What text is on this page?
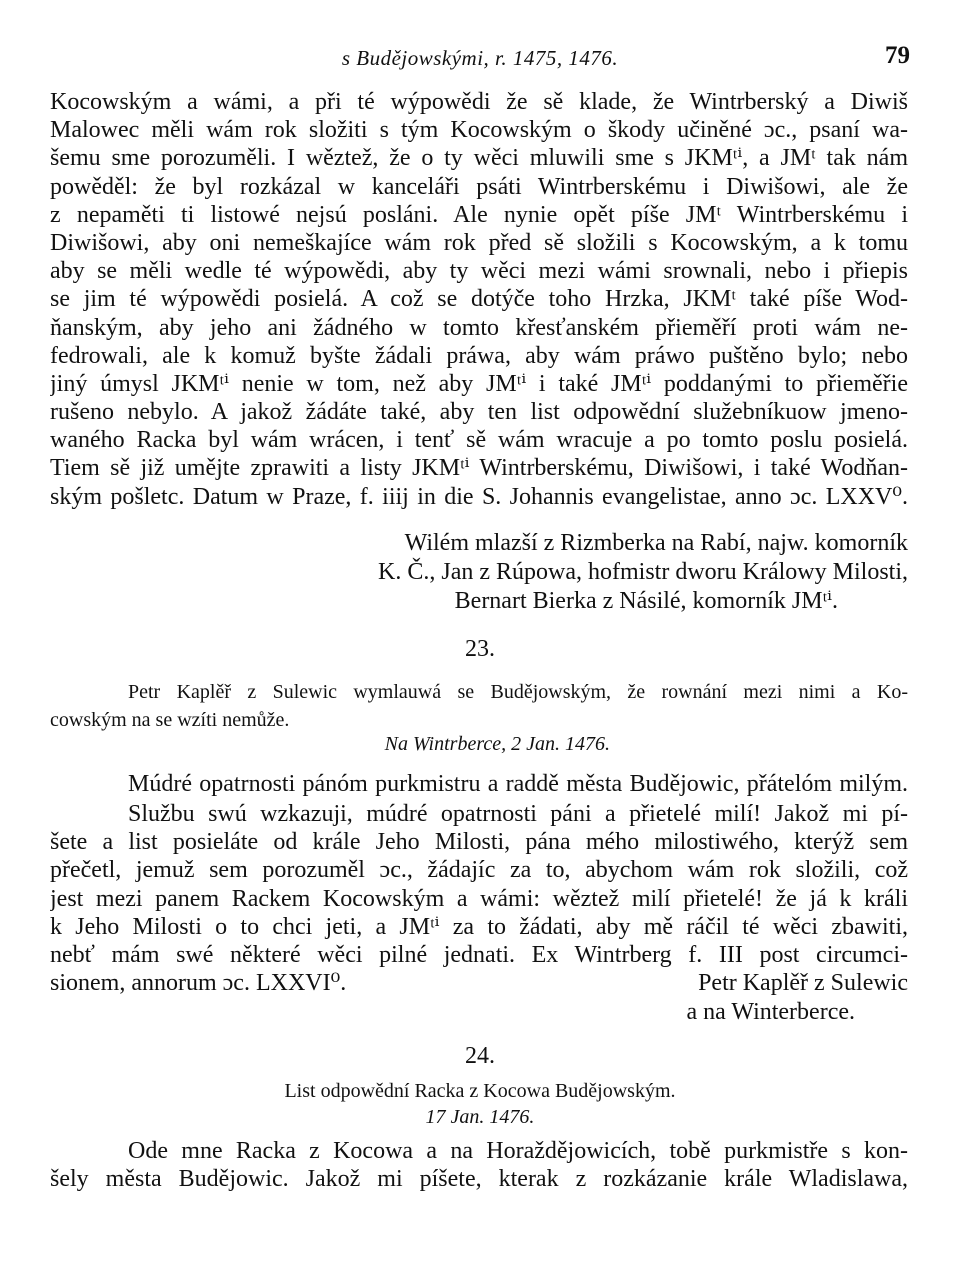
s Budějowskými, r. 1475, 1476.	79
Kocowským a wámi, a při té wýpowědi že sě klade, že Wintrberský a Diwiš
Malowec měli wám rok složiti s tým Kocowským o škody učiněné ɔc., psaní wa-
šemu sme porozuměli. I wěztež, že o ty wěci mluwili sme s JKMᵗⁱ, a JMᵗ tak nám
powěděl: že byl rozkázal w kanceláři psáti Wintrberskému i Diwišowi, ale že
z nepaměti ti listowé nejsú posláni. Ale nynie opět píše JMᵗ Wintrberskému i
Diwišowi, aby oni nemeškajíce wám rok před sě složili s Kocowským, a k tomu
aby se měli wedle té wýpowědi, aby ty wěci mezi wámi srownali, nebo i přiepis
se jim té wýpowědi posielá. A což se dotýče toho Hrzka, JKMᵗ také píše Wod-
ňanským, aby jeho ani žádného w tomto křesťanském přieměří proti wám ne-
fedrowali, ale k komuž byšte žádali práwa, aby wám práwo puštěno bylo; nebo
jiný úmysl JKMᵗⁱ nenie w tom, než aby JMᵗⁱ i také JMᵗⁱ poddanými to přieměřie
rušeno nebylo. A jakož žádáte také, aby ten list odpowědní služebníkuow jmeno-
waného Racka byl wám wrácen, i tenť sě wám wracuje a po tomto poslu posielá.
Tiem sě již umějte zprawiti a listy JKMᵗⁱ Wintrberskému, Diwišowi, i také Wodňan-
ským pošletc. Datum w Praze, f. iiij in die S. Johannis evangelistae, anno ɔc. LXXV⁰.
Wilém mlazší z Rizmberka na Rabí, najw. komorník
K. Č., Jan z Rúpowa, hofmistr dworu Králowy Milosti,
Bernart Bierka z Násilé, komorník JMᵗⁱ.
23.
Petr Kaplěř z Sulewic wymlauwá se Budějowským, že rownání mezi nimi a Ko-
cowským na se wzíti nemůže.
Na Wintrberce, 2 Jan. 1476.
Múdré opatrnosti pánóm purkmistru a raddě města Budějowic, přátelóm milým.
Službu swú wzkazuji, múdré opatrnosti páni a přietelé milí! Jakož mi pí-
šete a list posieláte od krále Jeho Milosti, pána mého milostiwého, kterýž sem
přečetl, jemuž sem porozuměl ɔc., žádajíc za to, abychom wám rok složili, což
jest mezi panem Rackem Kocowským a wámi: wěztež milí přietelé! že já k králi
k Jeho Milosti o to chci jeti, a JMᵗⁱ za to žádati, aby mě ráčil té wěci zbawiti,
nebť mám swé některé wěci pilné jednati. Ex Wintrberg f. III post circumci-
sionem, annorum ɔc. LXXVI⁰.	Petr Kaplěř z Sulewic
a na Winterberce.
24.
List odpowědní Racka z Kocowa Budějowským.
17 Jan. 1476.
Ode mne Racka z Kocowa a na Horaždějowicích, tobě purkmistře s kon-
šely města Budějowic. Jakož mi píšete, kterak z rozkázanie krále Wladislawa,
